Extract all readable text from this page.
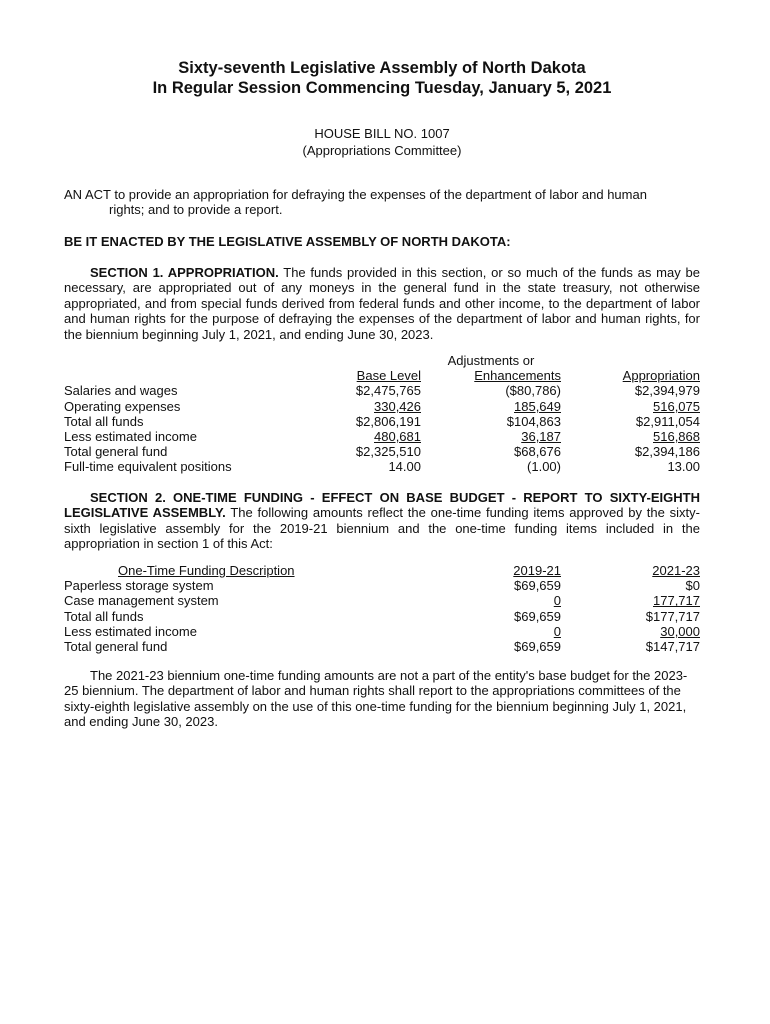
Sixty-seventh Legislative Assembly of North Dakota
In Regular Session Commencing Tuesday, January 5, 2021
HOUSE BILL NO. 1007
(Appropriations Committee)

AN ACT to provide an appropriation for defraying the expenses of the department of labor and human
rights; and to provide a report.

BE IT ENACTED BY THE LEGISLATIVE ASSEMBLY OF NORTH DAKOTA:

SECTION 1. APPROPRIATION. The funds provided in this section, or so much of the funds as may be necessary, are appropriated out of any moneys in the general fund in the state treasury, not otherwise appropriated, and from special funds derived from federal funds and other income, to the department of labor and human rights for the purpose of defraying the expenses of the department of labor and human rights, for the biennium beginning July 1, 2021, and ending June 30, 2023.

		Adjustments or	
	Base Level	Enhancements	Appropriation
Salaries and wages	$2,475,765	($80,786)	$2,394,979
Operating expenses	330,426	185,649	516,075
Total all funds	$2,806,191	$104,863	$2,911,054
Less estimated income	480,681	36,187	516,868
Total general fund	$2,325,510	$68,676	$2,394,186
Full-time equivalent positions	14.00	(1.00)	13.00

SECTION 2. ONE-TIME FUNDING - EFFECT ON BASE BUDGET - REPORT TO SIXTY-EIGHTH LEGISLATIVE ASSEMBLY. The following amounts reflect the one-time funding items approved by the sixty-sixth legislative assembly for the 2019-21 biennium and the one-time funding items included in the appropriation in section 1 of this Act:

One-Time Funding Description	2019-21	2021-23
Paperless storage system	$69,659	$0
Case management system	0	177,717
Total all funds	$69,659	$177,717
Less estimated income	0	30,000
Total general fund	$69,659	$147,717

The 2021-23 biennium one-time funding amounts are not a part of the entity's base budget for the 2023-25 biennium. The department of labor and human rights shall report to the appropriations committees of the sixty-eighth legislative assembly on the use of this one-time funding for the biennium beginning July 1, 2021, and ending June 30, 2023.
